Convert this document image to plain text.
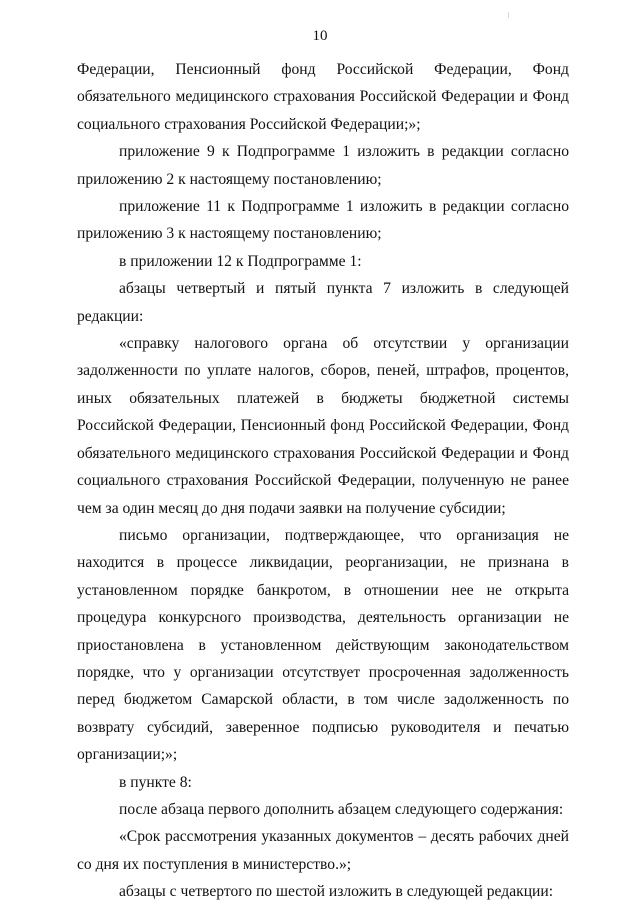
10

Федерации, Пенсионный фонд Российской Федерации, Фонд обязательного медицинского страхования Российской Федерации и Фонд социального страхования Российской Федерации;»;

приложение 9 к Подпрограмме 1 изложить в редакции согласно приложению 2 к настоящему постановлению;

приложение 11 к Подпрограмме 1 изложить в редакции согласно приложению 3 к настоящему постановлению;

в приложении 12 к Подпрограмме 1:

абзацы четвертый и пятый пункта 7 изложить в следующей редакции:

«справку налогового органа об отсутствии у организации задолженности по уплате налогов, сборов, пеней, штрафов, процентов, иных обязательных платежей в бюджеты бюджетной системы Российской Федерации, Пенсионный фонд Российской Федерации, Фонд обязательного медицинского страхования Российской Федерации и Фонд социального страхования Российской Федерации, полученную не ранее чем за один месяц до дня подачи заявки на получение субсидии;

письмо организации, подтверждающее, что организация не находится в процессе ликвидации, реорганизации, не признана в установленном порядке банкротом, в отношении нее не открыта процедура конкурсного производства, деятельность организации не приостановлена в установленном действующим законодательством порядке, что у организации отсутствует просроченная задолженность перед бюджетом Самарской области, в том числе задолженность по возврату субсидий, заверенное подписью руководителя и печатью организации;»;

в пункте 8:

после абзаца первого дополнить абзацем следующего содержания:

«Срок рассмотрения указанных документов – десять рабочих дней со дня их поступления в министерство.»;

абзацы с четвертого по шестой изложить в следующей редакции:
